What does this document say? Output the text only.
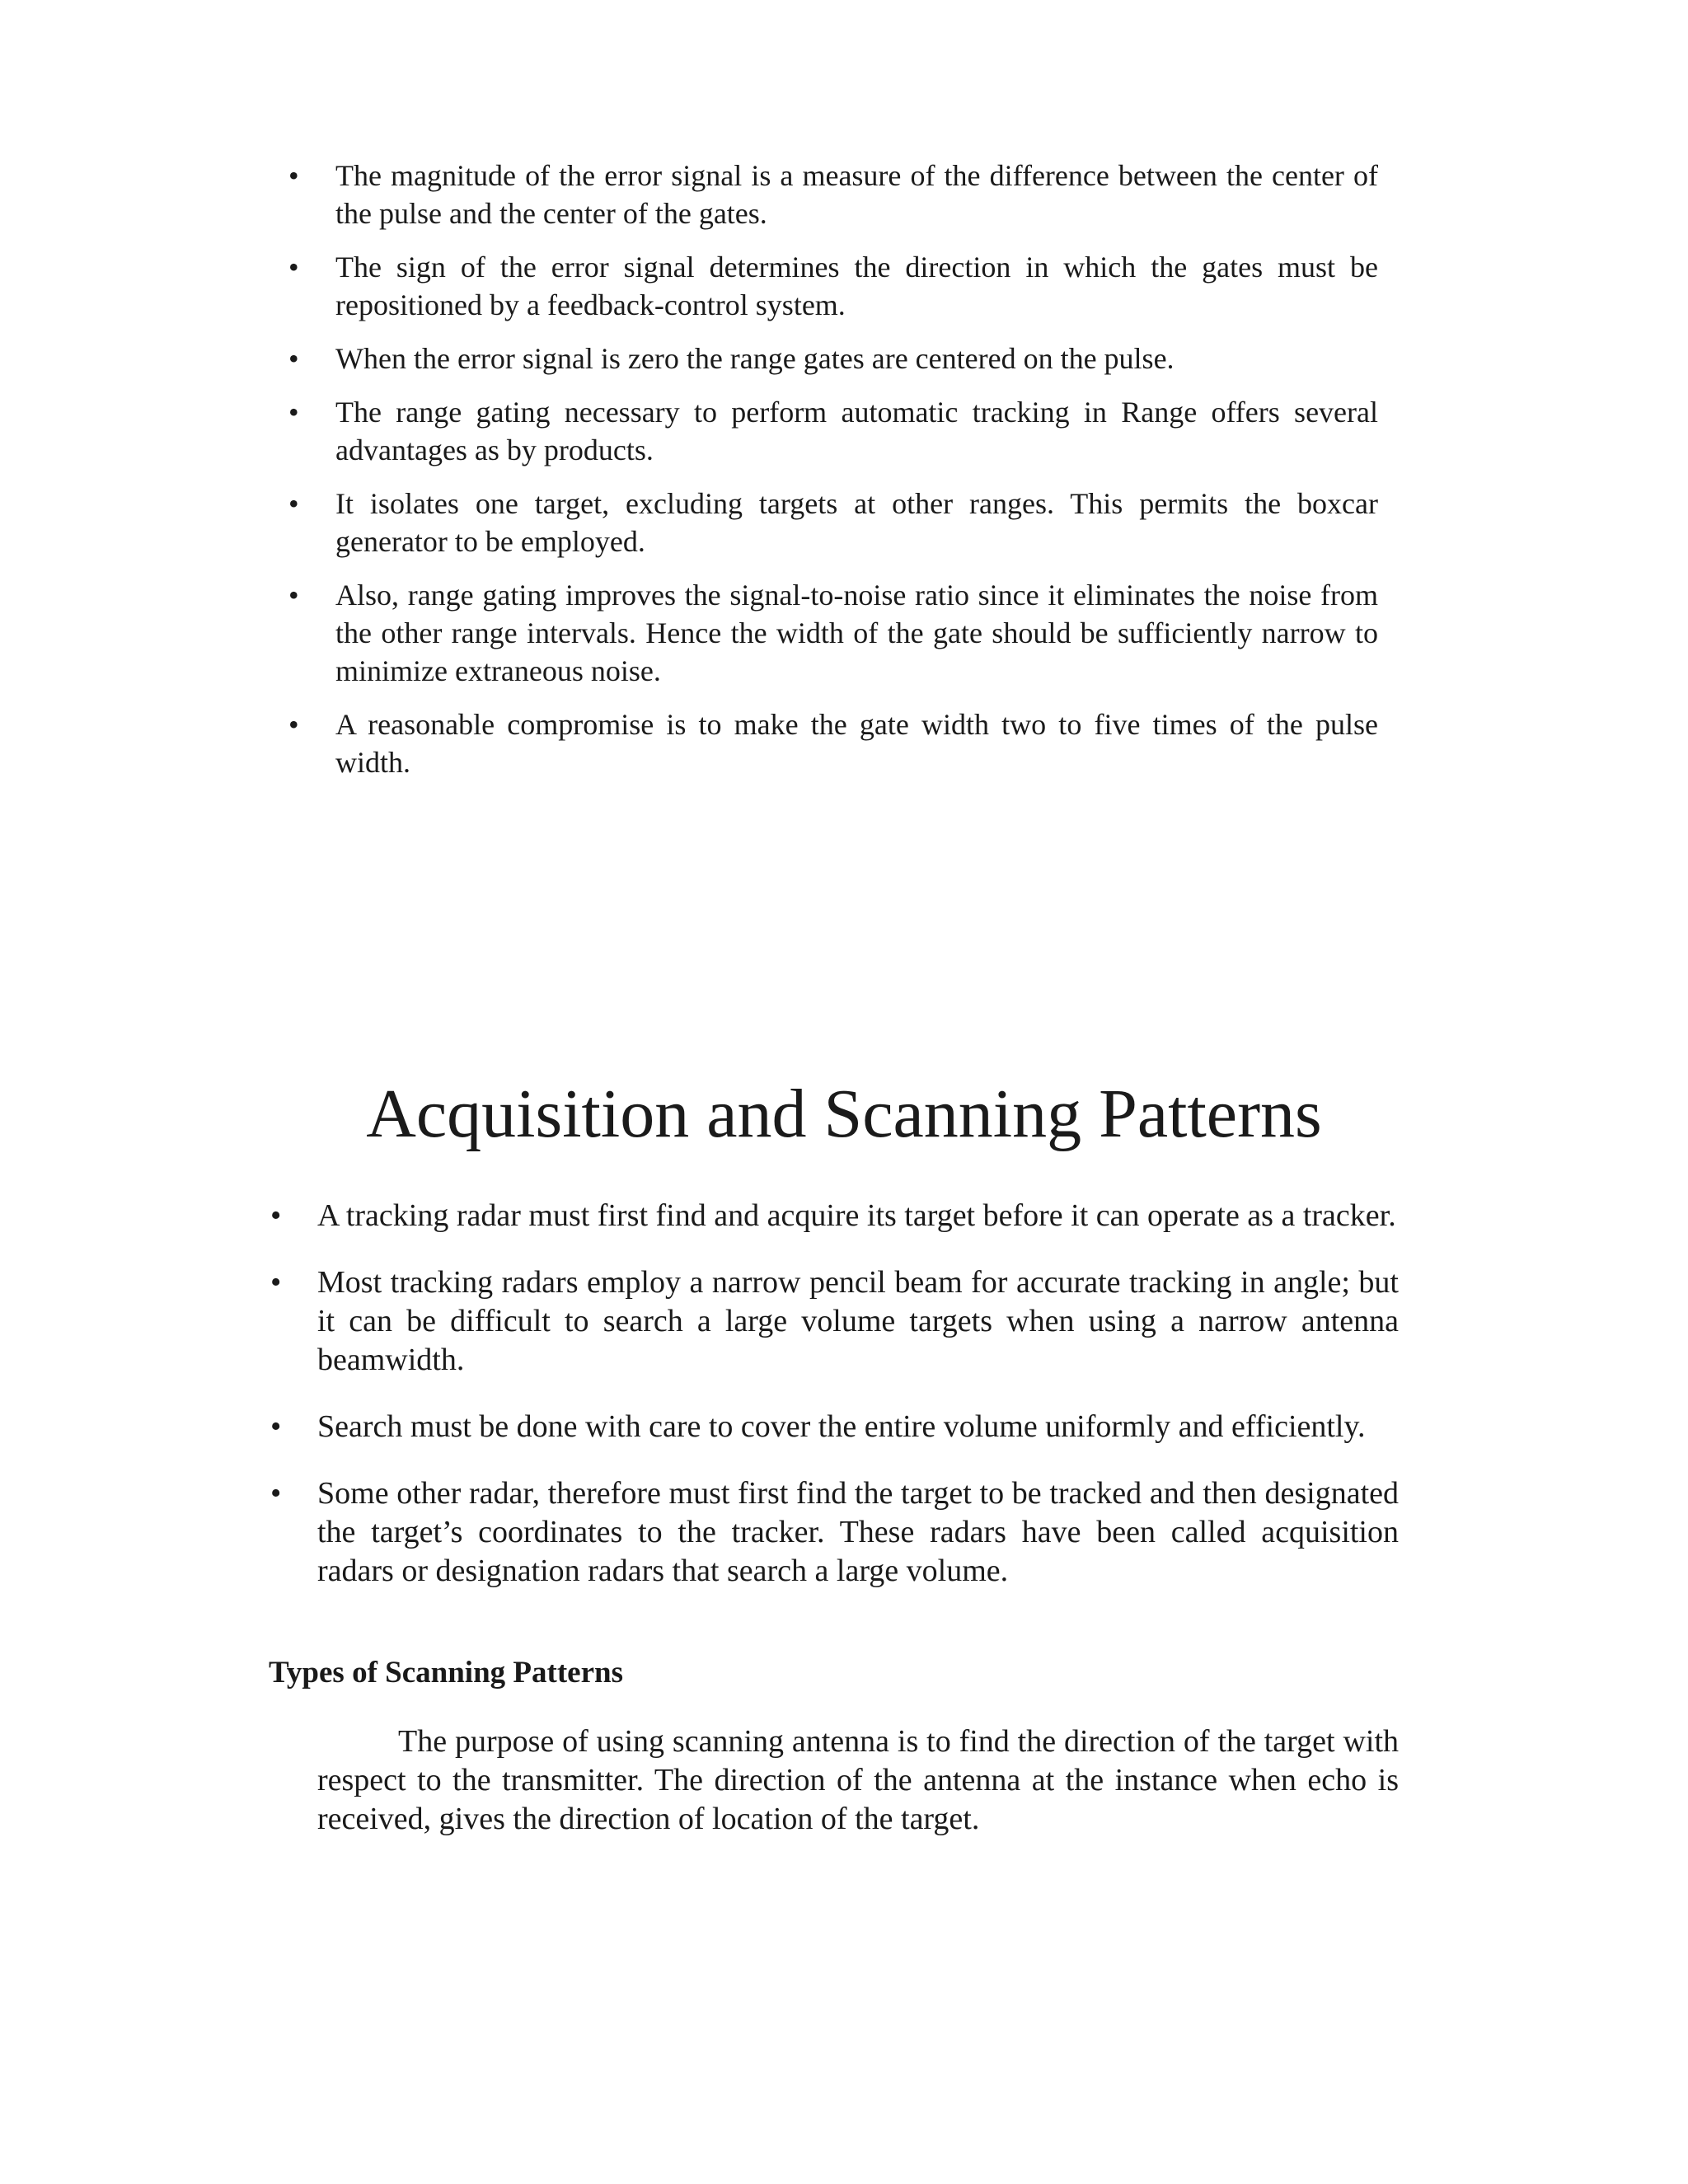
• The magnitude of the error signal is a measure of the difference between the center of the pulse and the center of the gates.
• The sign of the error signal determines the direction in which the gates must be repositioned by a feedback-control system.
• When the error signal is zero the range gates are centered on the pulse.
• The range gating necessary to perform automatic tracking in Range offers several advantages as by products.
• It isolates one target, excluding targets at other ranges. This permits the boxcar generator to be employed.
• Also, range gating improves the signal-to-noise ratio since it eliminates the noise from the other range intervals. Hence the width of the gate should be sufficiently narrow to minimize extraneous noise.
• A reasonable compromise is to make the gate width two to five times of the pulse width.
Acquisition and Scanning Patterns
• A tracking radar must first find and acquire its target before it can operate as a tracker.
• Most tracking radars employ a narrow pencil beam for accurate tracking in angle; but it can be difficult to search a large volume targets when using a narrow antenna beamwidth.
• Search must be done with care to cover the entire volume uniformly and efficiently.
• Some other radar, therefore must first find the target to be tracked and then designated the target’s coordinates to the tracker. These radars have been called acquisition radars or designation radars that search a large volume.
Types of Scanning Patterns

The purpose of using scanning antenna is to find the direction of the target with respect to the transmitter. The direction of the antenna at the instance when echo is received, gives the direction of location of the target.
